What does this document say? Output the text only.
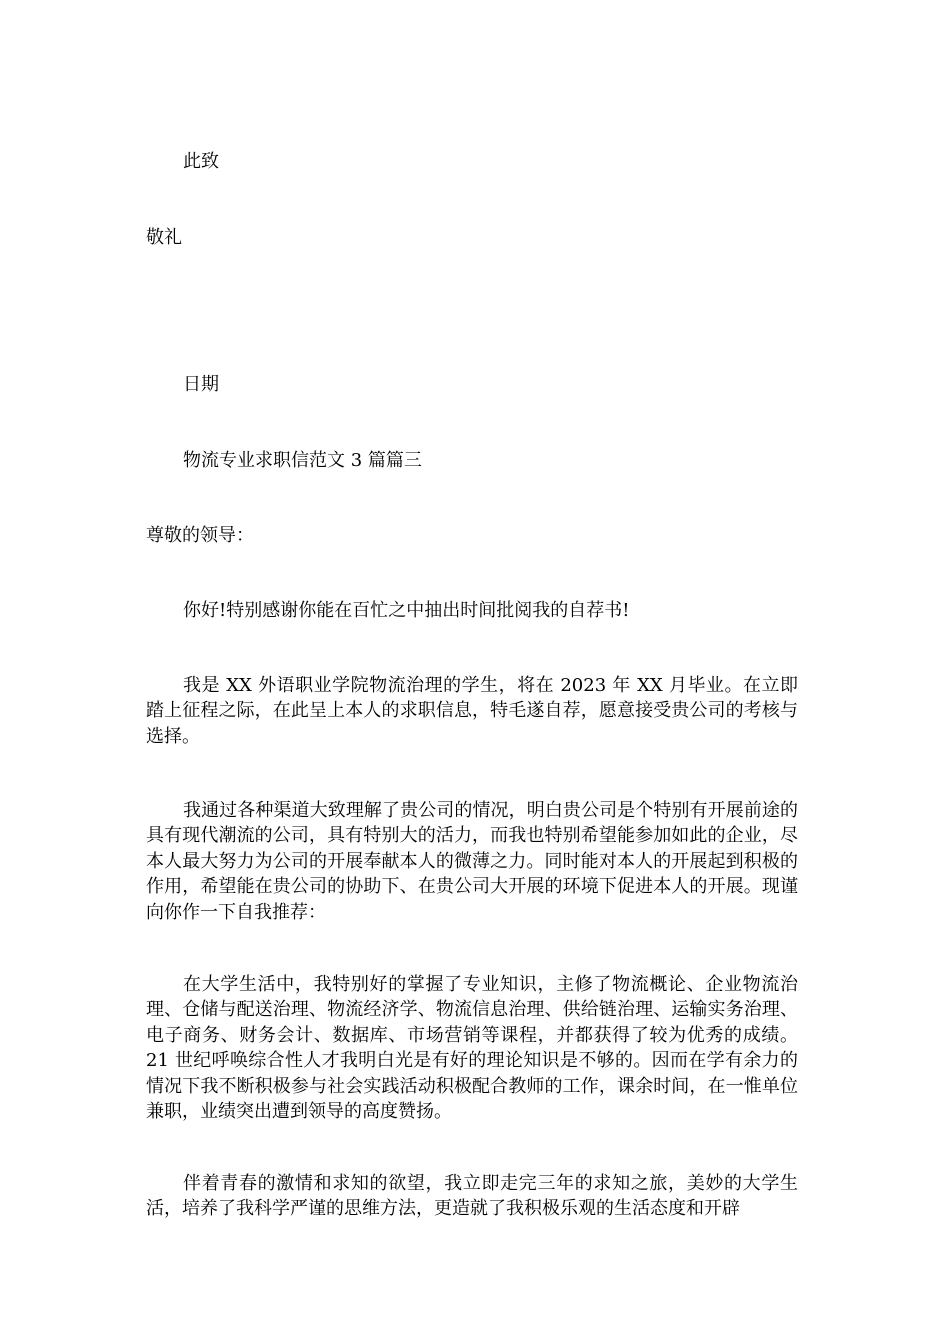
此致
敬礼
日期
物流专业求职信范文 3 篇篇三
尊敬的领导：
你好!特别感谢你能在百忙之中抽出时间批阅我的自荐书!
我是 XX 外语职业学院物流治理的学生，将在 2023 年 XX 月毕业。在立即踏上征程之际，在此呈上本人的求职信息，特毛遂自荐，愿意接受贵公司的考核与选择。
我通过各种渠道大致理解了贵公司的情况，明白贵公司是个特别有开展前途的具有现代潮流的公司，具有特别大的活力，而我也特别希望能参加如此的企业，尽本人最大努力为公司的开展奉献本人的微薄之力。同时能对本人的开展起到积极的作用，希望能在贵公司的协助下、在贵公司大开展的环境下促进本人的开展。现谨向你作一下自我推荐：
在大学生活中，我特别好的掌握了专业知识，主修了物流概论、企业物流治理、仓储与配送治理、物流经济学、物流信息治理、供给链治理、运输实务治理、电子商务、财务会计、数据库、市场营销等课程，并都获得了较为优秀的成绩。21 世纪呼唤综合性人才我明白光是有好的理论知识是不够的。因而在学有余力的情况下我不断积极参与社会实践活动积极配合教师的工作，课余时间，在一惟单位兼职，业绩突出遭到领导的高度赞扬。
伴着青春的激情和求知的欲望，我立即走完三年的求知之旅，美妙的大学生活，培养了我科学严谨的思维方法，更造就了我积极乐观的生活态度和开辟
